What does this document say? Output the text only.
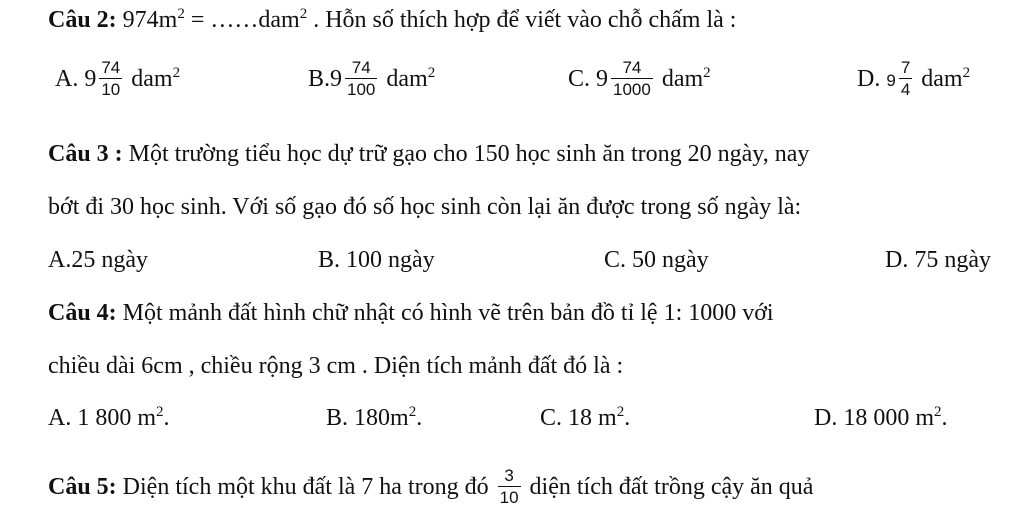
Câu 2: $974m^2$ = ……dam$^2$ . Hỗn số thích hợp để viết vào chỗ chấm là :
A. $9 \frac{74}{10} dam^2$	$B.9 \frac{74}{100} dam^2$	C. $9 \frac{74}{1000} dam^2$	D. $9 \frac{7}{4} dam^2$
Câu 3 : Một trường tiểu học dự trữ gạo cho 150 học sinh ăn trong 20 ngày, nay
bớt đi 30 học sinh. Với số gạo đó số học sinh còn lại ăn được trong số ngày là:
A.25 ngày	B. 100 ngày	C. 50 ngày	D. 75 ngày
Câu 4: Một mảnh đất hình chữ nhật có hình vẽ trên bản đồ tỉ lệ 1: 1000 với
chiều dài 6cm , chiều rộng 3 cm . Diện tích mảnh đất đó là :
A. 1 800 $m^2$.	B. $180m^2$.	C. 18 $m^2$.	D. 18 000 $m^2$.
Câu 5: Diện tích một khu đất là 7 ha trong đó $\frac{3}{10}$ diện tích đất trồng cậy ăn quả
